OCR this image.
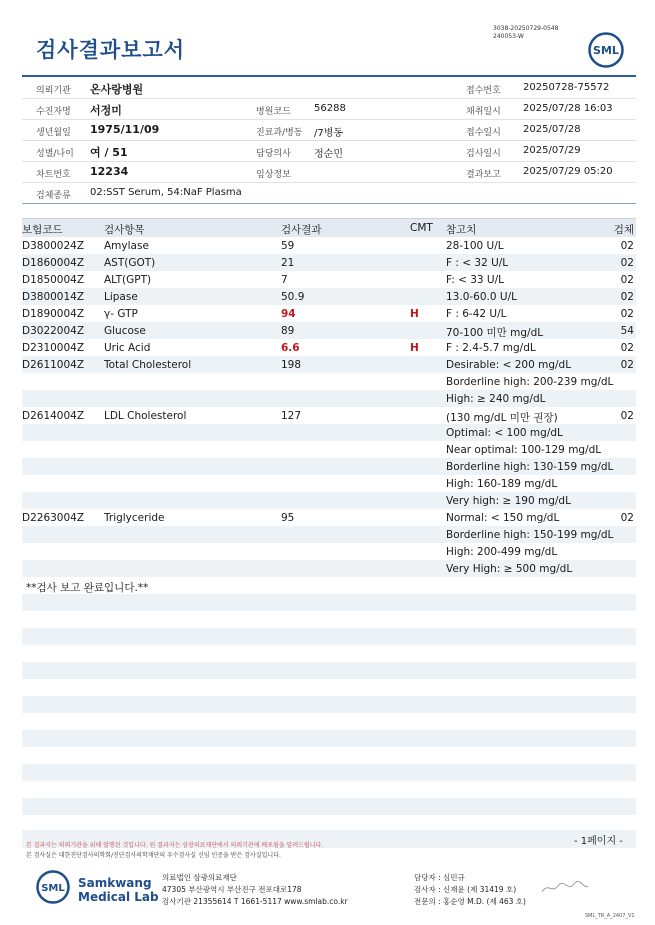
3038-20250729-0548
240053-W
검사결과보고서	SML
의뢰기관 온사랑병원	접수번호 20250728-75572
수진자명 서정미	병원코드 56288	채취일시 2025/07/28 16:03
생년월일 1975/11/09	진료과/병동 /7병동	접수일시 2025/07/28
성별/나이 여 / 51	담당의사 정순민	검사일시 2025/07/29
차트번호 12234	임상정보	결과보고 2025/07/29 05:20
검체종류 02:SST Serum, 54:NaF Plasma
보험코드	검사항목	검사결과	CMT 참고치	검체
D3800024Z Amylase	59	28-100 U/L	02
D1860004Z AST(GOT)	21	F : < 32 U/L	02
D1850004Z ALT(GPT)	7	F: < 33 U/L	02
D3800014Z Lipase	50.9	13.0-60.0 U/L	02
D1890004Z γ- GTP	94	H	F : 6-42 U/L	02
D3022004Z Glucose	89	70-100 미만 mg/dL	54
D2310004Z Uric Acid	6.6	H	F : 2.4-5.7 mg/dL	02
D2611004Z Total Cholesterol	198	Desirable: < 200 mg/dL	02
Borderline high: 200-239 mg/dL
High: ≥ 240 mg/dL
D2614004Z LDL Cholesterol	127	(130 mg/dL 미만 권장)	02
Optimal: < 100 mg/dL
Near optimal: 100-129 mg/dL
Borderline high: 130-159 mg/dL
High: 160-189 mg/dL
Very high: ≥ 190 mg/dL
D2263004Z Triglyceride	95	Normal: < 150 mg/dL	02
Borderline high: 150-199 mg/dL
High: 200-499 mg/dL
Very High: ≥ 500 mg/dL
**검사 보고 완료입니다.**
- 1페이지 -
본 결과지는 의뢰기관을 위해 발행된 것입니다. 원 결과지는 삼광의료재단에서 의뢰기관에 배포됨을 알려드립니다.
본 검사실은 대한진단검사의학회/진단검사의학재단의 우수검사실 신임 인증을 받은 검사실입니다.
SML Samkwang
Medical Lab
의료법인 삼광의료재단
47305 부산광역시 부산진구 전포대로178
검사기관 21355614 T 1661-5117 www.smlab.co.kr
담당자 : 심민규
검사자 : 신재윤 (제 31419 호)
전문의 : 홍순영 M.D. (제 463 호)
SML_TR_A_2407_V1
